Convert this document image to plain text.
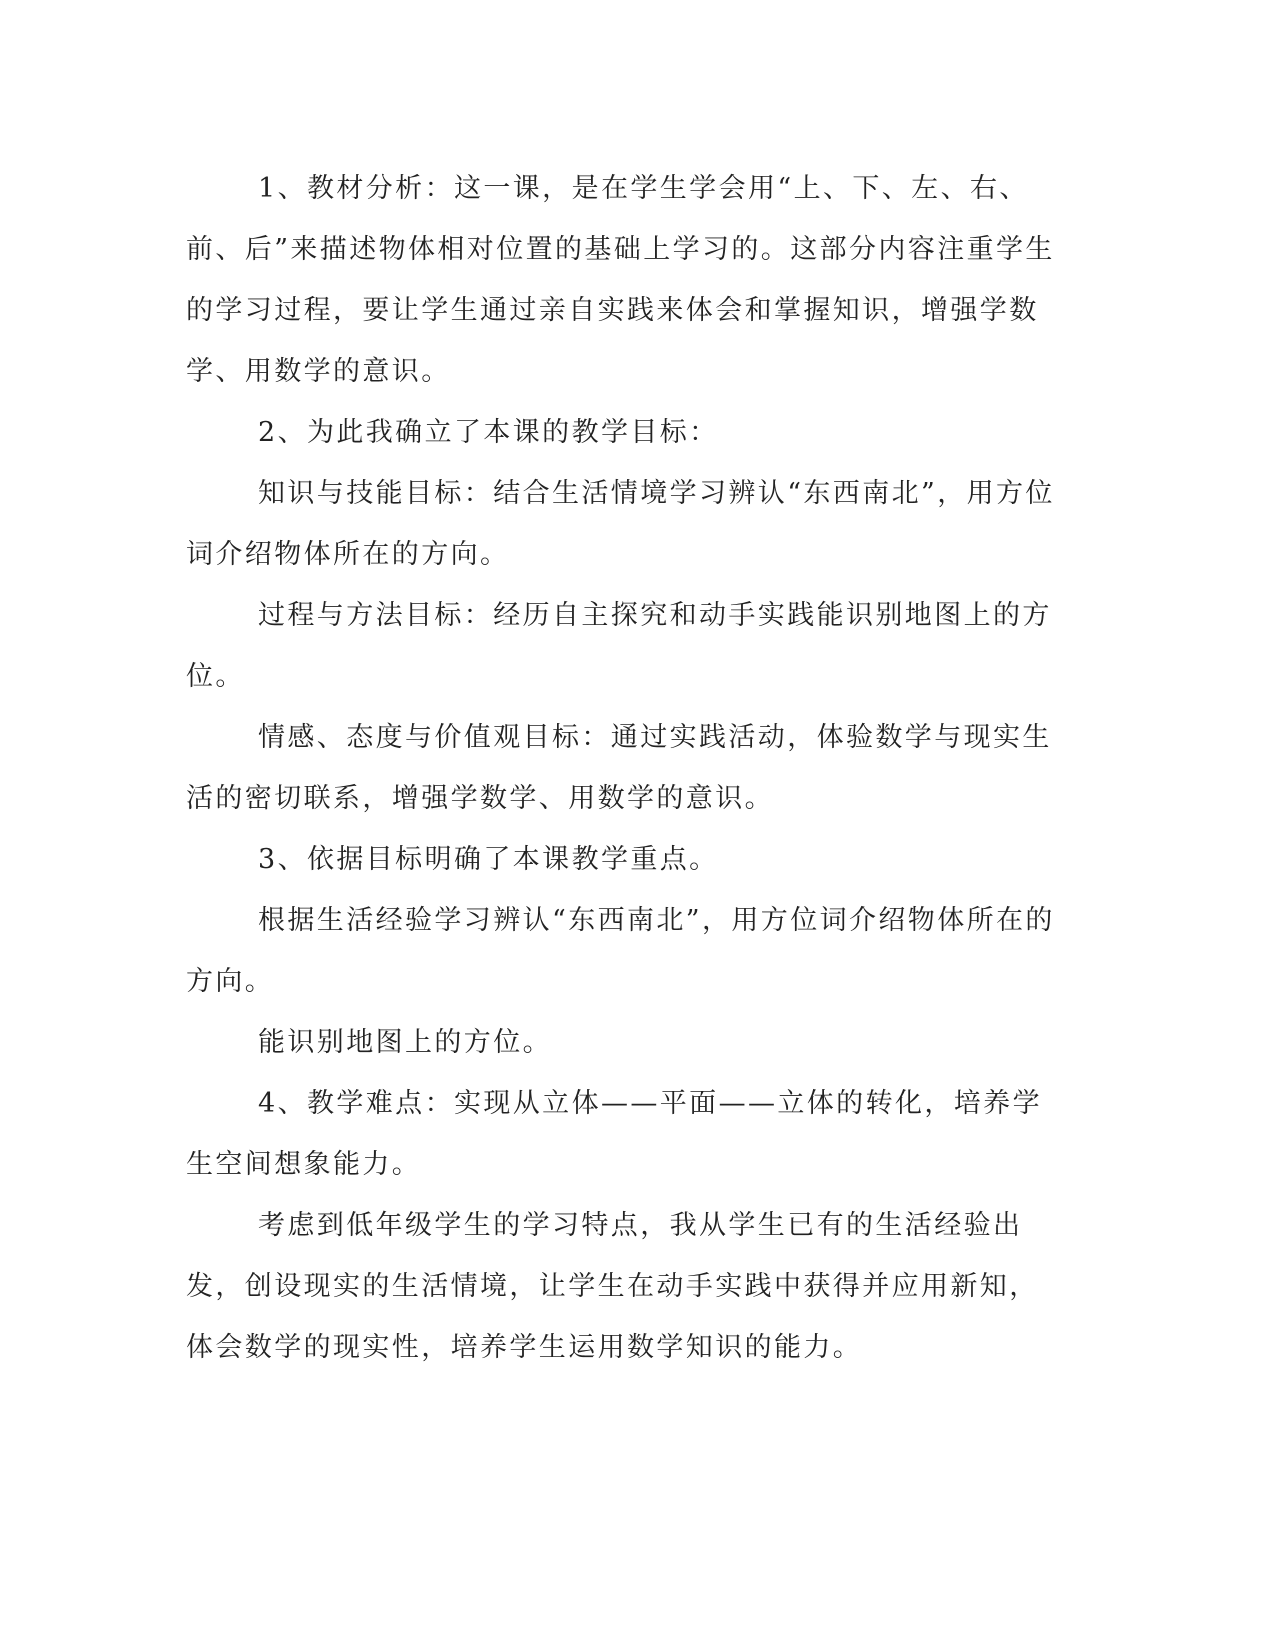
1、教材分析：这一课，是在学生学会用“上、下、左、右、前、后”来描述物体相对位置的基础上学习的。这部分内容注重学生的学习过程，要让学生通过亲自实践来体会和掌握知识，增强学数学、用数学的意识。

2、为此我确立了本课的教学目标：

知识与技能目标：结合生活情境学习辨认“东西南北”，用方位词介绍物体所在的方向。

过程与方法目标：经历自主探究和动手实践能识别地图上的方位。

情感、态度与价值观目标：通过实践活动，体验数学与现实生活的密切联系，增强学数学、用数学的意识。

3、依据目标明确了本课教学重点。

根据生活经验学习辨认“东西南北”，用方位词介绍物体所在的方向。

能识别地图上的方位。

4、教学难点：实现从立体——平面——立体的转化，培养学生空间想象能力。

考虑到低年级学生的学习特点，我从学生已有的生活经验出发，创设现实的生活情境，让学生在动手实践中获得并应用新知，体会数学的现实性，培养学生运用数学知识的能力。
